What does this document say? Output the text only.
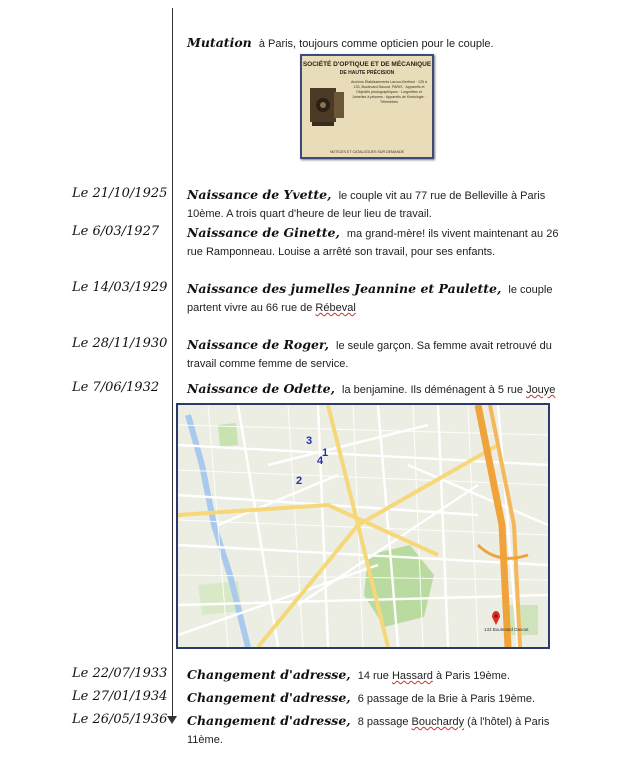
Mutation à Paris, toujours comme opticien pour le couple.
SOCIÉTÉ D'OPTIQUE ET DE MÉCANIQUE
DE HAUTE PRÉCISION
Anciens Établissements Lacour-Berthiot · 125 à 133, Boulevard Davout, PARIS · Appareils et Objectifs photographiques · Lorgnettes et Jumelles à prismes · Appareils de Kinéologie · Télémètres
NOTICES ET CATALOGUES SUR DEMANDE
Le 21/10/1925 Naissance de Yvette, le couple vit au 77 rue de Belleville à Paris 10ème. A trois quart d'heure de leur lieu de travail.
Le 6/03/1927	Naissance de Ginette, ma grand-mère! ils vivent maintenant au 26 rue Ramponneau. Louise a arrêté son travail, pour ses enfants.
Le 14/03/1929 Naissance des jumelles Jeannine et Paulette, le couple partent vivre au 66 rue de Rébeval
Le 28/11/1930 Naissance de Roger, le seule garçon. Sa femme avait retrouvé du travail comme femme de service.
Le 7/06/1932	Naissance de Odette, la benjamine. Ils déménagent à 5 rue Jouye
3
1
4
2
133 Boulevard Davout
Le 22/07/1933 Changement d'adresse, 14 rue Hassard à Paris 19ème.
Le 27/01/1934 Changement d'adresse, 6 passage de la Brie à Paris 19ème.
Le 26/05/1936 Changement d'adresse, 8 passage Bouchardy (à l'hôtel) à Paris 11ème.
